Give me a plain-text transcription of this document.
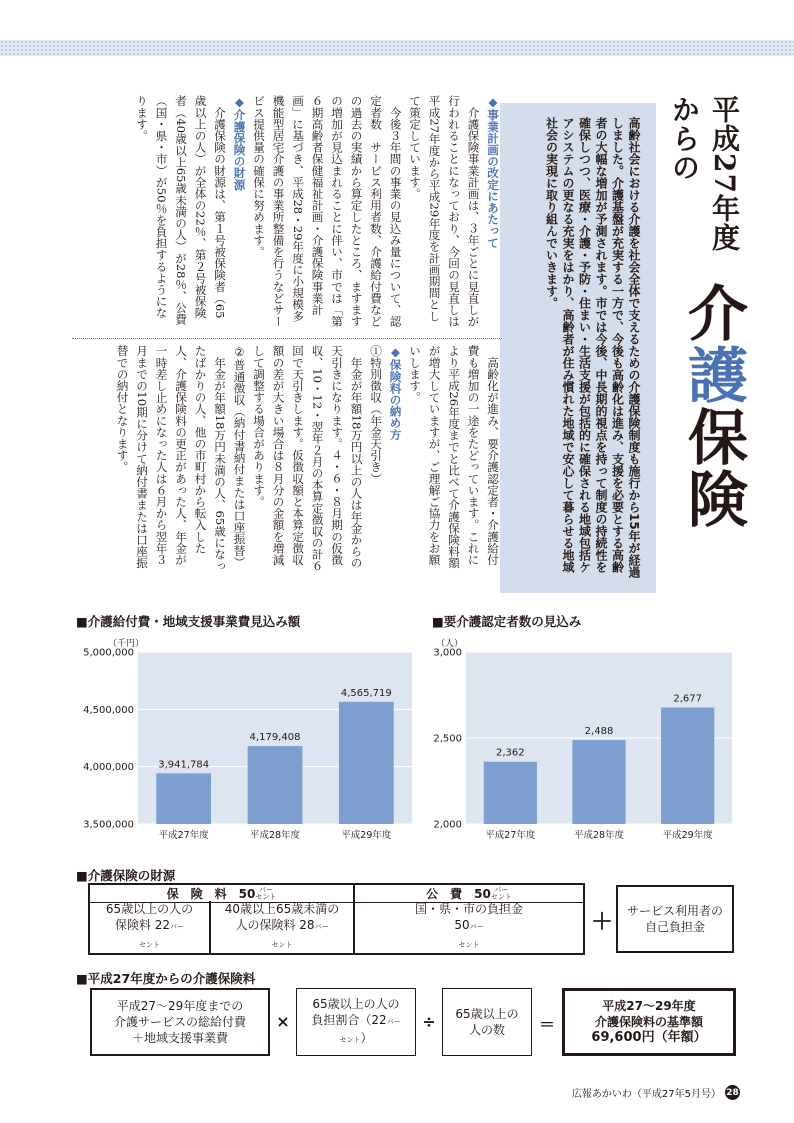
平成27年度からの
介護保険
高齢社会における介護を社会全体で支えるための介護保険制度も施行から15年が経過しました。介護基盤が充実する一方で、今後も高齢化は進み、支援を必要とする高齢者の大幅な増加が予測されます。市では今後、中長期的視点を持って制度の持続性を確保しつつ、医療・介護・予防・住まい・生活支援が包括的に確保される地域包括ケアシステムの更なる充実をはかり、高齢者が住み慣れた地域で安心して暮らせる地域社会の実現に取り組んでいきます。
◆事業計画の改定にあたって
　介護保険事業計画は、３年ごとに見直しが行われることになっており、今回の見直しは平成27年度から平成29年度を計画期間として策定しています。
　今後３年間の事業の見込み量について、認定者数　サービス利用者数、介護給付費などの過去の実績から算定したところ、ますますの増加が見込まれることに伴い、市では「第６期高齢者保健福祉計画・介護保険事業計画」に基づき、平成28・29年度に小規模多機能型居宅介護の事業所整備を行うなどサービス提供量の確保に努めます。
◆介護保険の財源
　介護保険の財源は、第１号被保険者（65歳以上の人）が全体の22％、第２号被保険者（40歳以上65歳未満の人）が28％、公費（国・県・市）が50％を負担するようになります。
　高齢化が進み、要介護認定者・介護給付費も増加の一途をたどっています。これにより平成26年度までと比べて介護保険料額が増大していますが、ご理解ご協力をお願いします。
◆保険料の納め方
①特別徴収（年金天引き）
　年金が年額18万円以上の人は年金からの天引きになります。４・６・８月期の仮徴収、10・12・翌年２月の本算定徴収の計６回で天引きします。仮徴収額と本算定徴収額の差が大きい場合は８月分の金額を増減して調整する場合があります。
②普通徴収（納付書納付または口座振替）
　年金が年額18万円未満の人、65歳になったばかりの人、他の市町村から転入した人、介護保険料の更正があった人、年金が一時差し止めになった人は６月から翌年３月までの10期に分けて納付書または口座振替での納付となります。
■介護給付費・地域支援事業費見込み額	■要介護認定者数の見込み
3,500,000
4,000,000
4,500,000
5,000,000
（千円）
3,941,784
平成27年度
4,179,408
平成28年度
4,565,719
平成29年度
2,000
2,500
3,000
（人）
2,362
平成27年度
2,488
平成28年度
2,677
平成29年度
■介護保険の財源
保　険　料　50 パー
セント	公　費　50 パー
セント
65歳以上の人の
保険料 22パー
セント
40歳以上65歳未満の
人の保険料 28パー
セント
国・県・市の負担金
50パー
セント
＋ サービス利用者の
自己負担金
■平成27年度からの介護保険料
平成27〜29年度までの
介護サービスの総給付費
＋地域支援事業費
×
65歳以上の人の
負担割合（22パー
セント）
÷	65歳以上の
人の数	＝
平成27〜29年度
介護保険料の基準額
69,600円（年額）
広報あかいわ（平成27年5月号） 28
